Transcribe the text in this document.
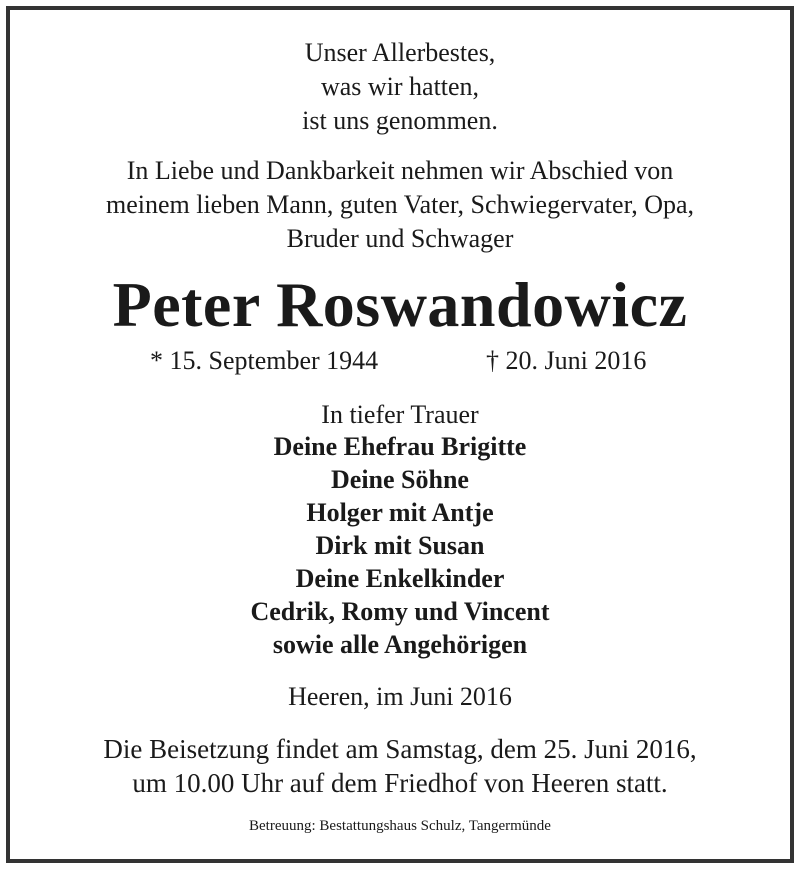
Unser Allerbestes,
was wir hatten,
ist uns genommen.
In Liebe und Dankbarkeit nehmen wir Abschied von
meinem lieben Mann, guten Vater, Schwiegervater, Opa,
Bruder und Schwager
Peter Roswandowicz
* 15. September 1944	† 20. Juni 2016
In tiefer Trauer
Deine Ehefrau Brigitte
Deine Söhne
Holger mit Antje
Dirk mit Susan
Deine Enkelkinder
Cedrik, Romy und Vincent
sowie alle Angehörigen
Heeren, im Juni 2016
Die Beisetzung findet am Samstag, dem 25. Juni 2016,
um 10.00 Uhr auf dem Friedhof von Heeren statt.
Betreuung: Bestattungshaus Schulz, Tangermünde
